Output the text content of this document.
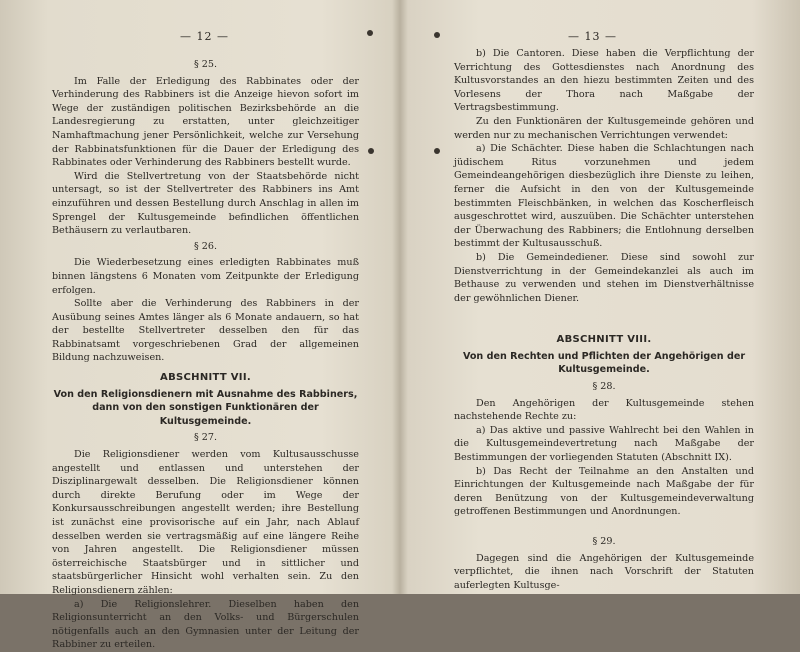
— 12 —

§ 25.

Im Falle der Erledigung des Rabbinates oder der Verhinderung des Rabbiners ist die Anzeige hievon sofort im Wege der zuständigen politischen Bezirksbehörde an die Landesregierung zu erstatten, unter gleichzeitiger Namhaftmachung jener Persönlichkeit, welche zur Versehung der Rabbinatsfunktionen für die Dauer der Erledigung des Rabbinates oder Verhinderung des Rabbiners bestellt wurde.

Wird die Stellvertretung von der Staatsbehörde nicht untersagt, so ist der Stellvertreter des Rabbiners ins Amt einzuführen und dessen Bestellung durch Anschlag in allen im Sprengel der Kultusgemeinde befindlichen öffentlichen Bethäusern zu verlautbaren.

§ 26.

Die Wiederbesetzung eines erledigten Rabbinates muß binnen längstens 6 Monaten vom Zeitpunkte der Erledigung erfolgen.

Sollte aber die Verhinderung des Rabbiners in der Ausübung seines Amtes länger als 6 Monate andauern, so hat der bestellte Stellvertreter desselben den für das Rabbinatsamt vorgeschriebenen Grad der allgemeinen Bildung nachzuweisen.

ABSCHNITT VII.

Von den Religionsdienern mit Ausnahme des Rabbiners, dann von den sonstigen Funktionären der Kultusgemeinde.

§ 27.

Die Religionsdiener werden vom Kultusausschusse angestellt und entlassen und unterstehen der Disziplinargewalt desselben. Die Religionsdiener können durch direkte Berufung oder im Wege der Konkursausschreibungen angestellt werden; ihre Bestellung ist zunächst eine provisorische auf ein Jahr, nach Ablauf desselben werden sie vertragsmäßig auf eine längere Reihe von Jahren angestellt. Die Religionsdiener müssen österreichische Staatsbürger und in sittlicher und staatsbürgerlicher Hinsicht wohl verhalten sein. Zu den Religionsdienern zählen:

a) Die Religionslehrer. Dieselben haben den Religionsunterricht an den Volks- und Bürgerschulen nötigenfalls auch an den Gymnasien unter der Leitung der Rabbiner zu erteilen.

— 13 —

b) Die Cantoren. Diese haben die Verpflichtung der Verrichtung des Gottesdienstes nach Anordnung des Kultusvorstandes an den hiezu bestimmten Zeiten und des Vorlesens der Thora nach Maßgabe der Vertragsbestimmung.

Zu den Funktionären der Kultusgemeinde gehören und werden nur zu mechanischen Verrichtungen verwendet:

a) Die Schächter. Diese haben die Schlachtungen nach jüdischem Ritus vorzunehmen und jedem Gemeindeangehörigen diesbezüglich ihre Dienste zu leihen, ferner die Aufsicht in den von der Kultusgemeinde bestimmten Fleischbänken, in welchen das Koscherfleisch ausgeschrottet wird, auszuüben. Die Schächter unterstehen der Überwachung des Rabbiners; die Entlohnung derselben bestimmt der Kultusausschuß.

b) Die Gemeindediener. Diese sind sowohl zur Dienstverrichtung in der Gemeindekanzlei als auch im Bethause zu verwenden und stehen im Dienstverhältnisse der gewöhnlichen Diener.

ABSCHNITT VIII.

Von den Rechten und Pflichten der Angehörigen der Kultusgemeinde.

§ 28.

Den Angehörigen der Kultusgemeinde stehen nachstehende Rechte zu:

a) Das aktive und passive Wahlrecht bei den Wahlen in die Kultusgemeindevertretung nach Maßgabe der Bestimmungen der vorliegenden Statuten (Abschnitt IX).

b) Das Recht der Teilnahme an den Anstalten und Einrichtungen der Kultusgemeinde nach Maßgabe der für deren Benützung von der Kultusgemeindeverwaltung getroffenen Bestimmungen und Anordnungen.

§ 29.

Dagegen sind die Angehörigen der Kultusgemeinde verpflichtet, die ihnen nach Vorschrift der Statuten auferlegten Kultusge-
